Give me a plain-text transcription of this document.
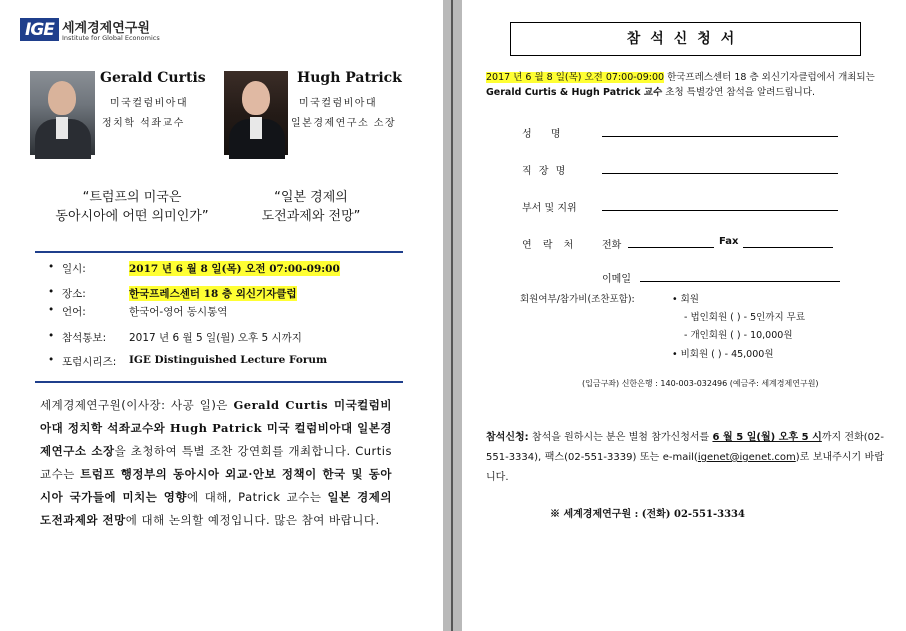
IGE 세계경제연구원
Institute for Global Economics
Gerald Curtis
미국컬럼비아대
정치학 석좌교수
Hugh Patrick
미국컬럼비아대
일본경제연구소 소장
“트럼프의 미국은
동아시아에 어떤 의미인가”
“일본 경제의
도전과제와 전망”
• 일시:	2017 년 6 월 8 일(목) 오전 07:00-09:00
• 장소:	한국프레스센터 18 층 외신기자클럽
• 언어:	한국어-영어 동시통역
• 참석통보: 2017 년 6 월 5 일(월) 오후 5 시까지
• 포럼시리즈: IGE Distinguished Lecture Forum
세계경제연구원(이사장: 사공 일)은 Gerald Curtis 미국컬럼비아대 정치학 석좌교수와 Hugh Patrick 미국 컬럼비아대 일본경제연구소 소장을 초청하여 특별 조찬 강연회를 개최합니다. Curtis 교수는 트럼프 행정부의 동아시아 외교·안보 정책이 한국 및 동아시아 국가들에 미치는 영향에 대해, Patrick 교수는 일본 경제의 도전과제와 전망에 대해 논의할 예정입니다. 많은 참여 바랍니다.
참석신청서
2017 년 6 월 8 일(목) 오전 07:00-09:00 한국프레스센터 18 층 외신기자클럽에서 개최되는
Gerald Curtis & Hugh Patrick 교수 초청 특별강연 참석을 알려드립니다.
성 명
직 장 명
부서 및 지위
연 락 처 전화	Fax
이메일
회원여부/참가비(조찬포함):	• 회원
- 법인회원 ( ) - 5인까지 무료
- 개인회원 ( ) - 10,000원
• 비회원 ( ) - 45,000원
(입금구좌) 신한은행 : 140-003-032496 (예금주: 세계경제연구원)
참석신청: 참석을 원하시는 분은 별첨 참가신청서를 6 월 5 일(월) 오후 5 시까지 전화(02-551-3334), 팩스(02-551-3339) 또는 e-mail(igenet@igenet.com)로 보내주시기 바랍니다.
※ 세계경제연구원 : (전화) 02-551-3334
